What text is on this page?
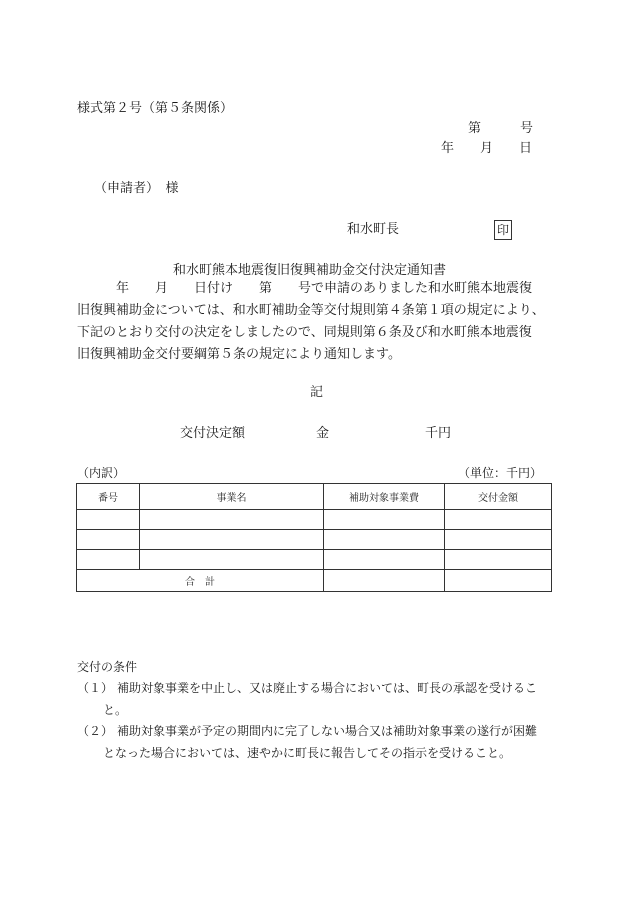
様式第２号（第５条関係）
第　　　号
年　　月　　日
（申請者）　様
和水町長	印
和水町熊本地震復旧復興補助金交付決定通知書
　　　年　　月　　日付け　　第　　号で申請のありました和水町熊本地震復
旧復興補助金については、和水町補助金等交付規則第４条第１項の規定により、
下記のとおり交付の決定をしましたので、同規則第６条及び和水町熊本地震復
旧復興補助金交付要綱第５条の規定により通知します。
記
交付決定額	金	千円
（内訳）	（単位：千円）
番号	事業名	補助対象事業費	交付金額

合　計			
交付の条件
（１） 補助対象事業を中止し、又は廃止する場合においては、町長の承認を受けるこ
と。
（２） 補助対象事業が予定の期間内に完了しない場合又は補助対象事業の遂行が困難
となった場合においては、速やかに町長に報告してその指示を受けること。
